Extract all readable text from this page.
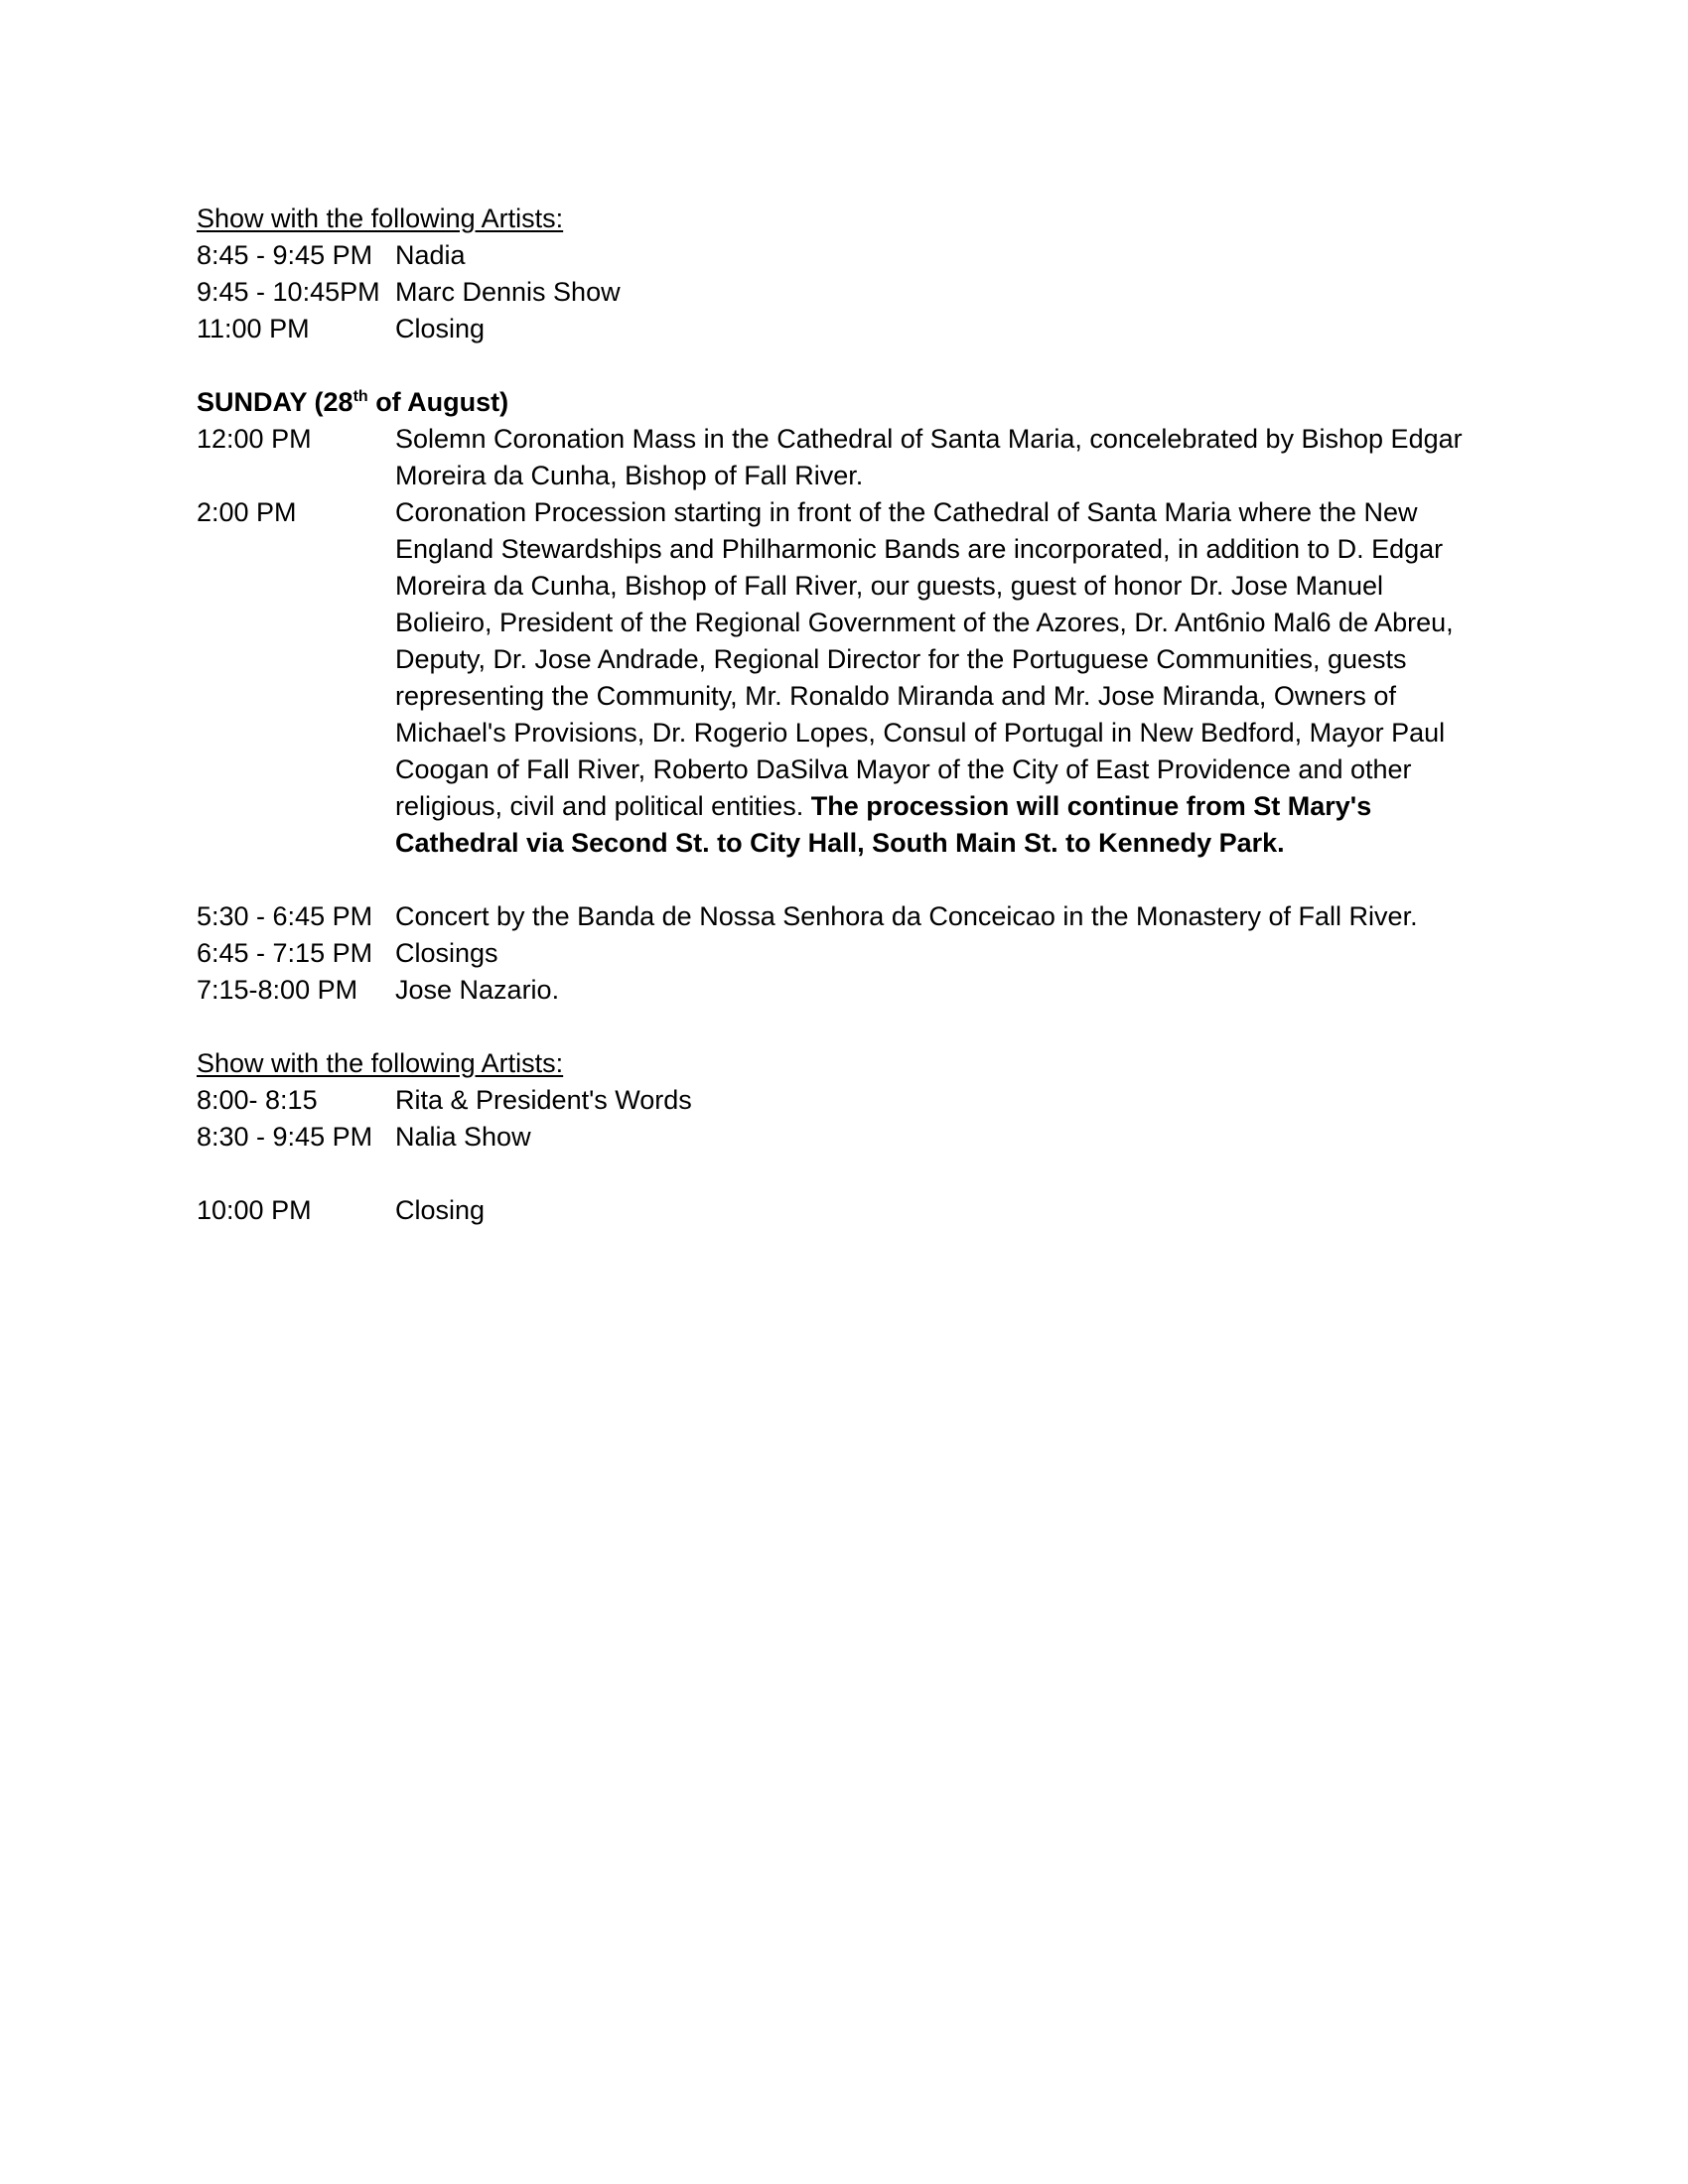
Show with the following Artists:
8:45 - 9:45 PM Nadia
9:45 - 10:45PM Marc Dennis Show
11:00 PM	Closing
SUNDAY (28th of August)
12:00 PM	Solemn Coronation Mass in the Cathedral of Santa Maria, concelebrated by Bishop Edgar Moreira da Cunha, Bishop of Fall River.
2:00 PM	Coronation Procession starting in front of the Cathedral of Santa Maria where the New England Stewardships and Philharmonic Bands are incorporated, in addition to D. Edgar Moreira da Cunha, Bishop of Fall River, our guests, guest of honor Dr. Jose Manuel Bolieiro, President of the Regional Government of the Azores, Dr. Ant6nio Mal6 de Abreu, Deputy, Dr. Jose Andrade, Regional Director for the Portuguese Communities, guests representing the Community, Mr. Ronaldo Miranda and Mr. Jose Miranda, Owners of Michael's Provisions, Dr. Rogerio Lopes, Consul of Portugal in New Bedford, Mayor Paul Coogan of Fall River, Roberto DaSilva Mayor of the City of East Providence and other religious, civil and political entities. The procession will continue from St Mary's Cathedral via Second St. to City Hall, South Main St. to Kennedy Park.
5:30 - 6:45 PM Concert by the Banda de Nossa Senhora da Conceicao in the Monastery of Fall River.
6:45 - 7:15 PM Closings
7:15-8:00 PM	Jose Nazario.
Show with the following Artists:
8:00- 8:15	Rita & President's Words
8:30 - 9:45 PM Nalia Show
10:00 PM	Closing
